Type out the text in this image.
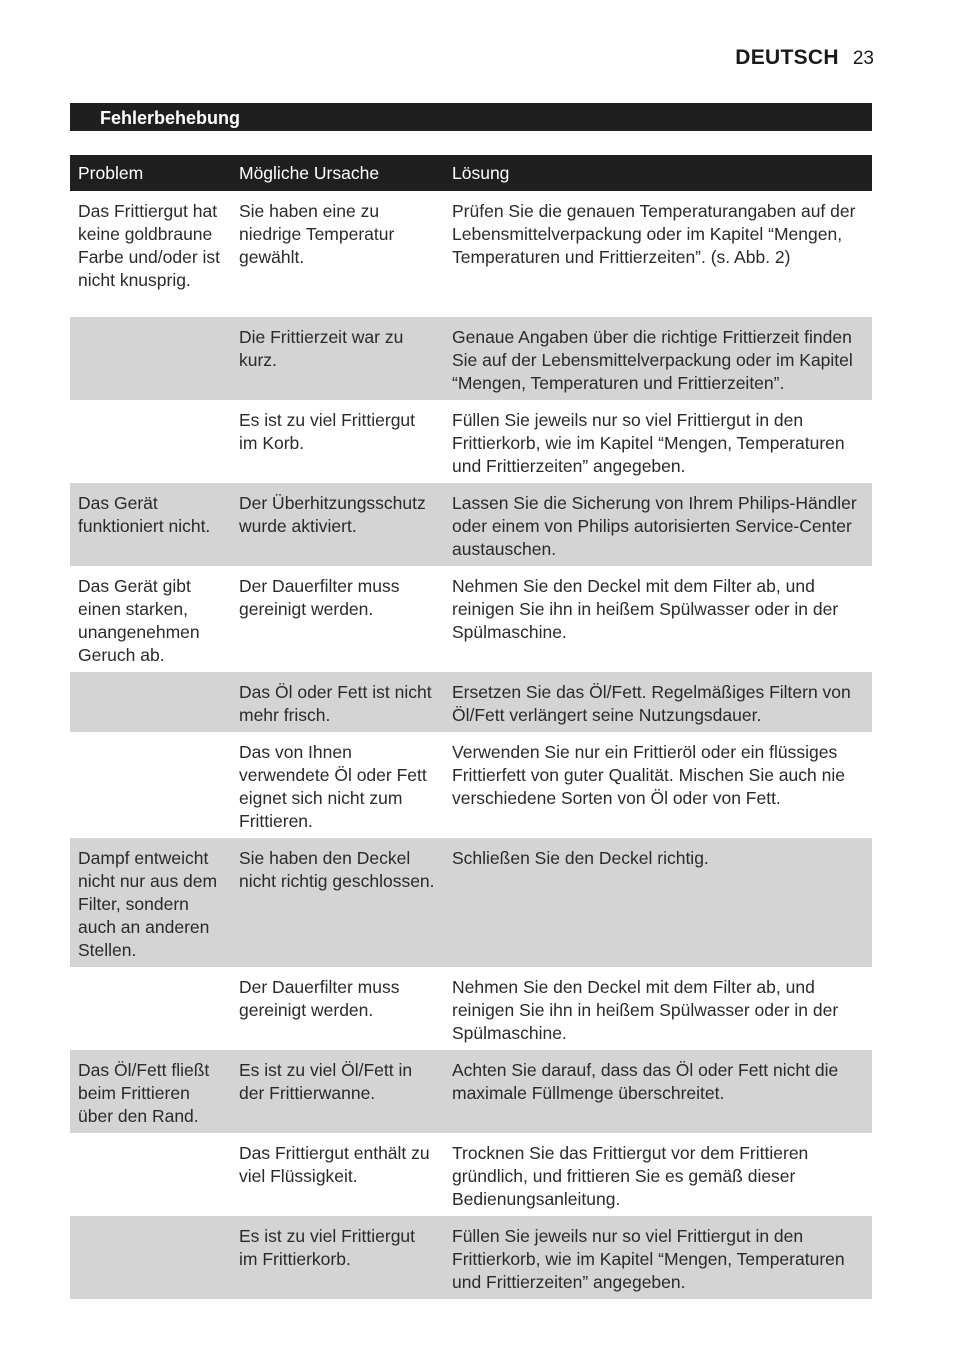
DEUTSCH 23
Fehlerbehebung
Problem	Mögliche Ursache	Lösung
Das Frittiergut hat keine goldbraune Farbe und/oder ist nicht knusprig.	Sie haben eine zu niedrige Temperatur gewählt.	Prüfen Sie die genauen Temperaturangaben auf der Lebensmittelverpackung oder im Kapitel “Mengen, Temperaturen und Frittierzeiten”. (s. Abb. 2)
	Die Frittierzeit war zu kurz.	Genaue Angaben über die richtige Frittierzeit finden Sie auf der Lebensmittelverpackung oder im Kapitel “Mengen, Temperaturen und Frittierzeiten”.
	Es ist zu viel Frittiergut im Korb.	Füllen Sie jeweils nur so viel Frittiergut in den Frittierkorb, wie im Kapitel “Mengen, Temperaturen und Frittierzeiten” angegeben.
Das Gerät funktioniert nicht.	Der Überhitzungsschutz wurde aktiviert.	Lassen Sie die Sicherung von Ihrem Philips-Händler oder einem von Philips autorisierten Service-Center austauschen.
Das Gerät gibt einen starken, unangenehmen Geruch ab.	Der Dauerfilter muss gereinigt werden.	Nehmen Sie den Deckel mit dem Filter ab, und reinigen Sie ihn in heißem Spülwasser oder in der Spülmaschine.
	Das Öl oder Fett ist nicht mehr frisch.	Ersetzen Sie das Öl/Fett. Regelmäßiges Filtern von Öl/Fett verlängert seine Nutzungsdauer.
	Das von Ihnen verwendete Öl oder Fett eignet sich nicht zum Frittieren.	Verwenden Sie nur ein Frittieröl oder ein flüssiges Frittierfett von guter Qualität. Mischen Sie auch nie verschiedene Sorten von Öl oder von Fett.
Dampf entweicht nicht nur aus dem Filter, sondern auch an anderen Stellen.	Sie haben den Deckel nicht richtig geschlossen.	Schließen Sie den Deckel richtig.
	Der Dauerfilter muss gereinigt werden.	Nehmen Sie den Deckel mit dem Filter ab, und reinigen Sie ihn in heißem Spülwasser oder in der Spülmaschine.
Das Öl/Fett fließt beim Frittieren über den Rand.	Es ist zu viel Öl/Fett in der Frittierwanne.	Achten Sie darauf, dass das Öl oder Fett nicht die maximale Füllmenge überschreitet.
	Das Frittiergut enthält zu viel Flüssigkeit.	Trocknen Sie das Frittiergut vor dem Frittieren gründlich, und frittieren Sie es gemäß dieser Bedienungsanleitung.
	Es ist zu viel Frittiergut im Frittierkorb.	Füllen Sie jeweils nur so viel Frittiergut in den Frittierkorb, wie im Kapitel “Mengen, Temperaturen und Frittierzeiten” angegeben.
